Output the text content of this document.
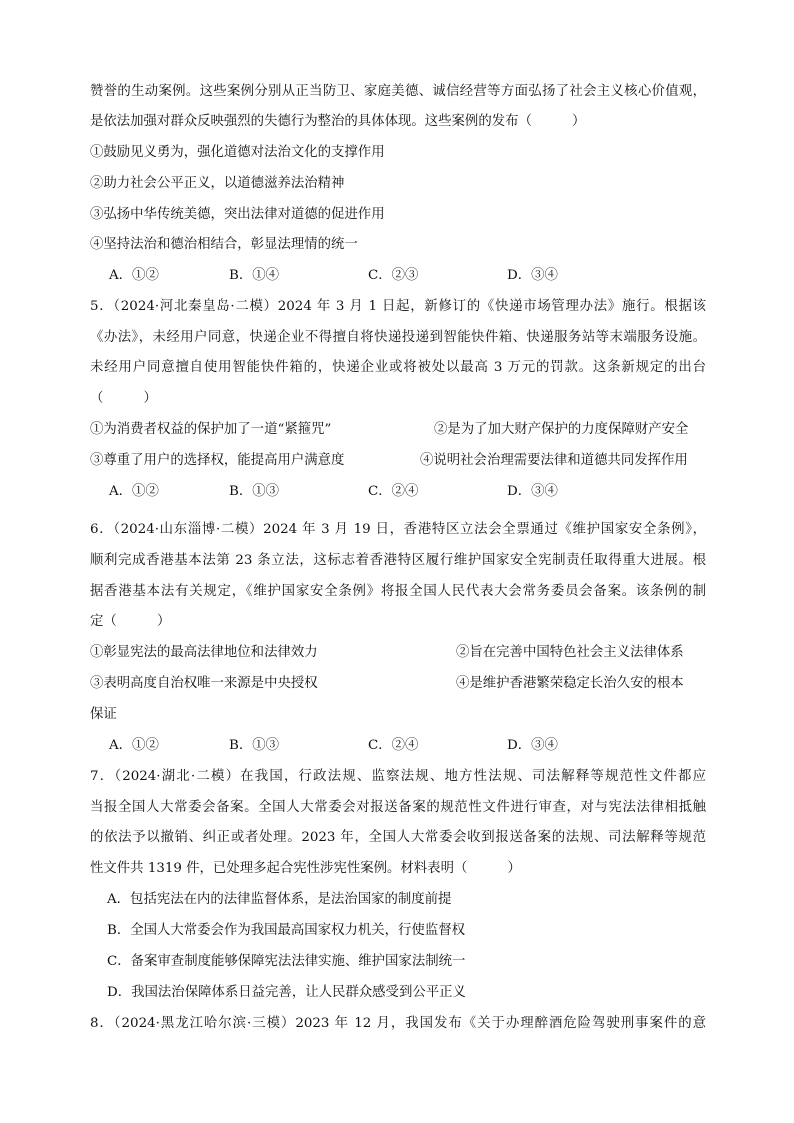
赞誉的生动案例。这些案例分别从正当防卫、家庭美德、诚信经营等方面弘扬了社会主义核心价值观，
是依法加强对群众反映强烈的失德行为整治的具体体现。这些案例的发布（　　　）
①鼓励见义勇为，强化道德对法治文化的支撑作用
②助力社会公平正义，以道德滋养法治精神
③弘扬中华传统美德，突出法律对道德的促进作用
④坚持法治和德治相结合，彰显法理情的统一
A．①②	B．①④	C．②③	D．③④
5．（2024·河北秦皇岛·二模）2024 年 3 月 1 日起，新修订的《快递市场管理办法》施行。根据该
《办法》，未经用户同意，快递企业不得擅自将快递投递到智能快件箱、快递服务站等末端服务设施。
未经用户同意擅自使用智能快件箱的，快递企业或将被处以最高 3 万元的罚款。这条新规定的出台
（　　　）
①为消费者权益的保护加了一道“紧箍咒”	②是为了加大财产保护的力度保障财产安全
③尊重了用户的选择权，能提高用户满意度	④说明社会治理需要法律和道德共同发挥作用
A．①②	B．①③	C．②④	D．③④
6．（2024·山东淄博·二模）2024 年 3 月 19 日，香港特区立法会全票通过《维护国家安全条例》，
顺利完成香港基本法第 23 条立法，这标志着香港特区履行维护国家安全宪制责任取得重大进展。根
据香港基本法有关规定，《维护国家安全条例》将报全国人民代表大会常务委员会备案。该条例的制
定（　　　）
①彰显宪法的最高法律地位和法律效力	②旨在完善中国特色社会主义法律体系
③表明高度自治权唯一来源是中央授权	④是维护香港繁荣稳定长治久安的根本
保证
A．①②	B．①③	C．②④	D．③④
7．（2024·湖北·二模）在我国，行政法规、监察法规、地方性法规、司法解释等规范性文件都应
当报全国人大常委会备案。全国人大常委会对报送备案的规范性文件进行审查，对与宪法法律相抵触
的依法予以撤销、纠正或者处理。2023 年，全国人大常委会收到报送备案的法规、司法解释等规范
性文件共 1319 件，已处理多起合宪性涉宪性案例。材料表明（　　　）
A．包括宪法在内的法律监督体系，是法治国家的制度前提
B．全国人大常委会作为我国最高国家权力机关，行使监督权
C．备案审查制度能够保障宪法法律实施、维护国家法制统一
D．我国法治保障体系日益完善，让人民群众感受到公平正义
8．（2024·黑龙江哈尔滨·三模）2023 年 12 月，我国发布《关于办理醉酒危险驾驶刑事案件的意
